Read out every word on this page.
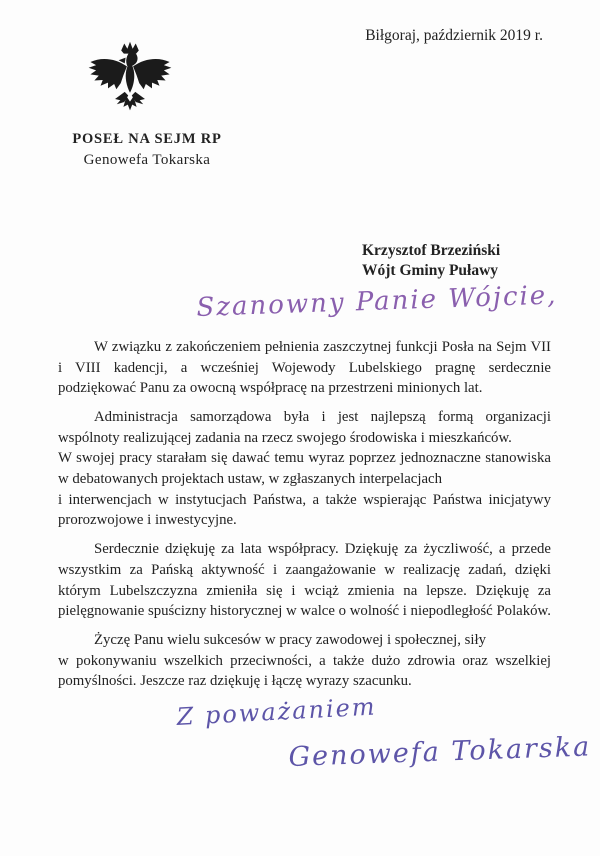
Biłgoraj, październik 2019 r.
POSEŁ NA SEJM RP
Genowefa Tokarska
Krzysztof Brzeziński
Wójt Gminy Puławy
Szanowny Panie Wójcie,
W związku z zakończeniem pełnienia zaszczytnej funkcji Posła na Sejm VII i VIII kadencji, a wcześniej Wojewody Lubelskiego pragnę serdecznie podziękować Panu za owocną współpracę na przestrzeni minionych lat.
Administracja samorządowa była i jest najlepszą formą organizacji wspólnoty realizującej zadania na rzecz swojego środowiska i mieszkańców.
W swojej pracy starałam się dawać temu wyraz poprzez jednoznaczne stanowiska w debatowanych projektach ustaw, w zgłaszanych interpelacjach
i interwencjach w instytucjach Państwa, a także wspierając Państwa inicjatywy prorozwojowe i inwestycyjne.
Serdecznie dziękuję za lata współpracy. Dziękuję za życzliwość, a przede wszystkim za Pańską aktywność i zaangażowanie w realizację zadań, dzięki którym Lubelszczyzna zmieniła się i wciąż zmienia na lepsze. Dziękuję za pielęgnowanie spuścizny historycznej w walce o wolność i niepodległość Polaków.
Życzę Panu wielu sukcesów w pracy zawodowej i społecznej, siły
w pokonywaniu wszelkich przeciwności, a także dużo zdrowia oraz wszelkiej pomyślności. Jeszcze raz dziękuję i łączę wyrazy szacunku.
Z poważaniem
Genowefa Tokarska
